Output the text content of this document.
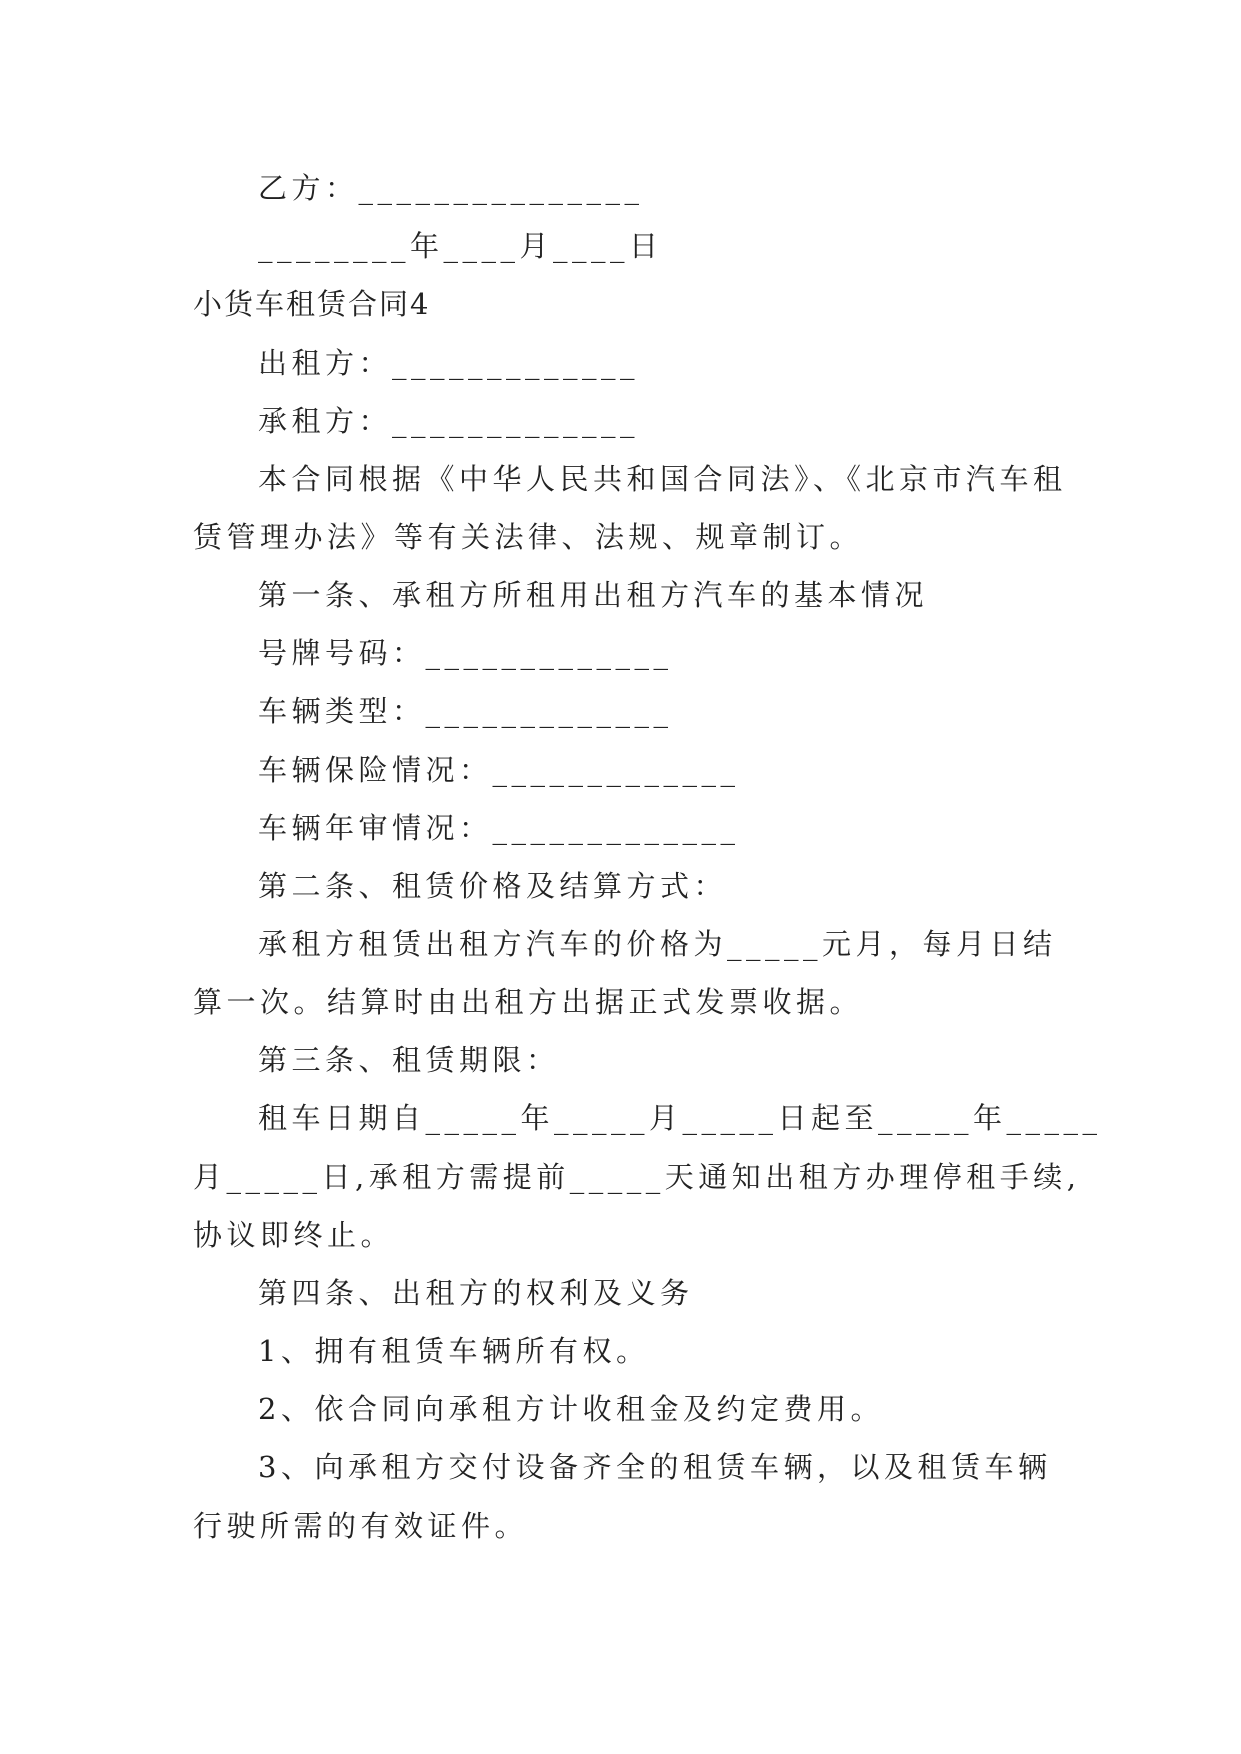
乙方：_______________
________年____月____日
小货车租赁合同4
出租方：_____________
承租方：_____________
本合同根据《中华人民共和国合同法》、《北京市汽车租
赁管理办法》等有关法律、法规、规章制订。
第一条、承租方所租用出租方汽车的基本情况
号牌号码：_____________
车辆类型：_____________
车辆保险情况：_____________
车辆年审情况：_____________
第二条、租赁价格及结算方式：
承租方租赁出租方汽车的价格为_____元月，每月日结
算一次。结算时由出租方出据正式发票收据。
第三条、租赁期限：
租车日期自_____年_____月_____日起至_____年_____
月_____日,承租方需提前_____天通知出租方办理停租手续,
协议即终止。
第四条、出租方的权利及义务
1、拥有租赁车辆所有权。
2、依合同向承租方计收租金及约定费用。
3、向承租方交付设备齐全的租赁车辆，以及租赁车辆
行驶所需的有效证件。
